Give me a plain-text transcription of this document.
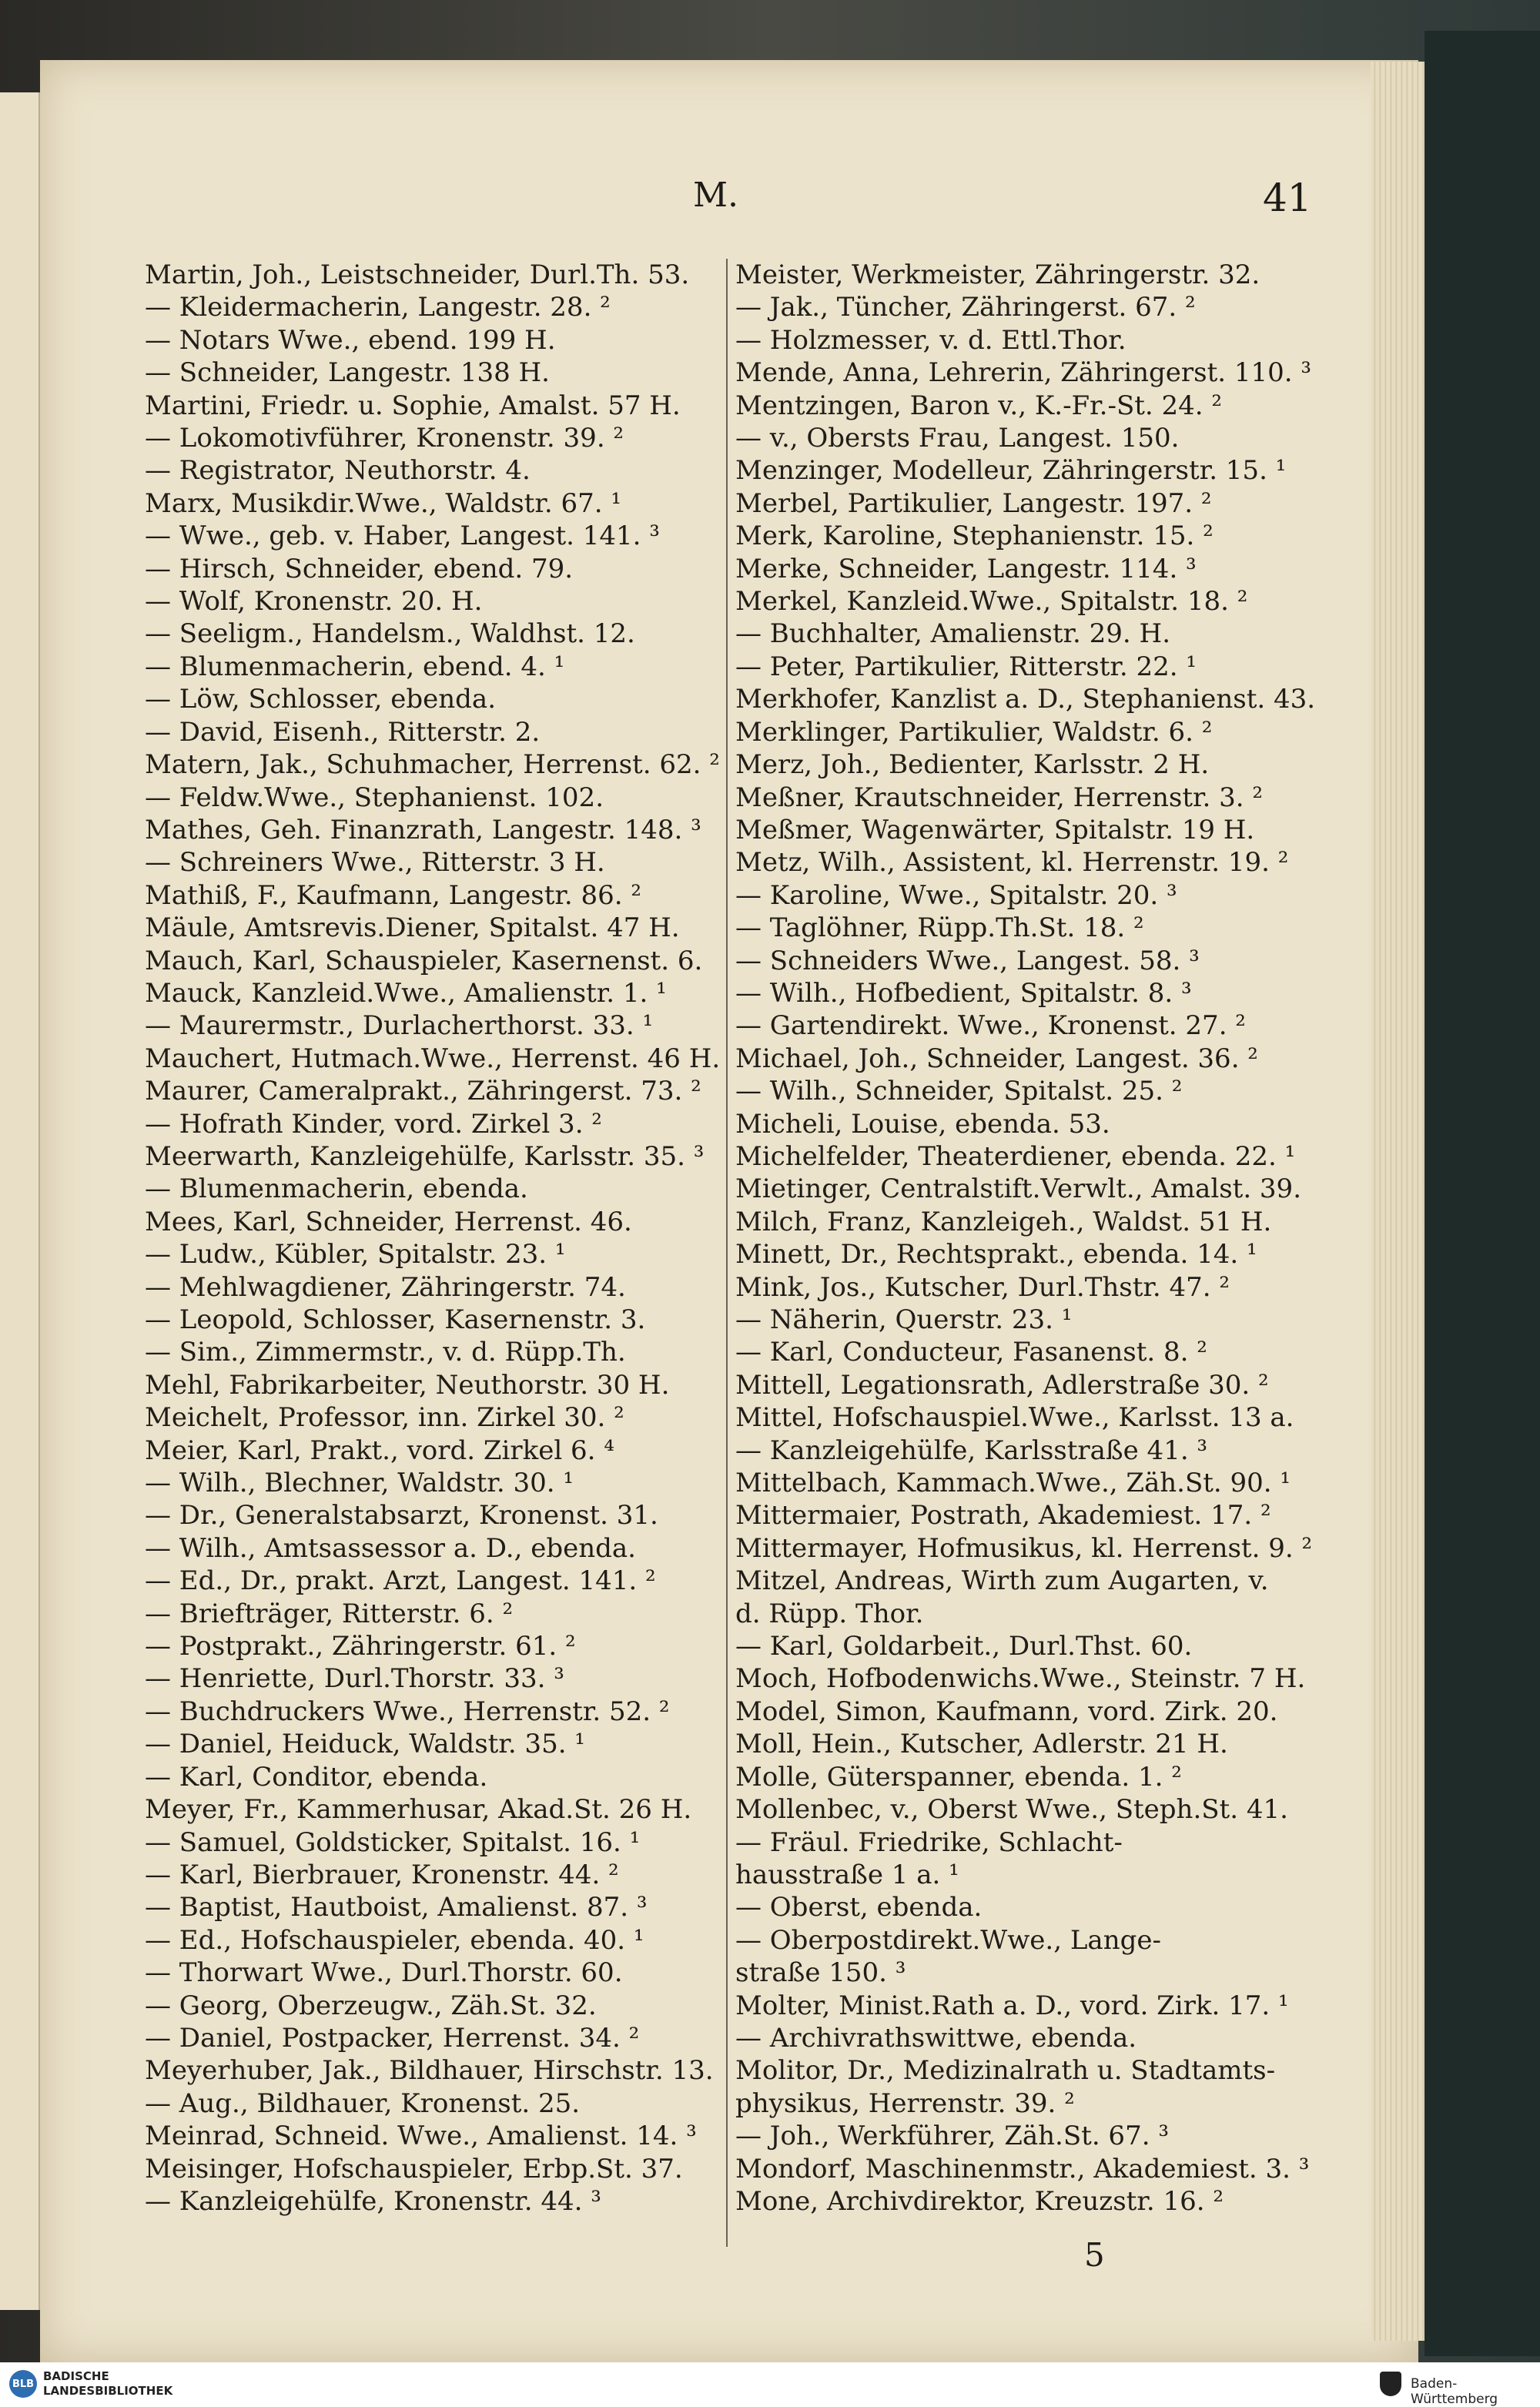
M.	41
Martin, Joh., Leistschneider, Durl.Th. 53.
— Kleidermacherin, Langestr. 28. ²
— Notars Wwe., ebend. 199 H.
— Schneider, Langestr. 138 H.
Martini, Friedr. u. Sophie, Amalst. 57 H.
— Lokomotivführer, Kronenstr. 39. ²
— Registrator, Neuthorstr. 4.
Marx, Musikdir.Wwe., Waldstr. 67. ¹
— Wwe., geb. v. Haber, Langest. 141. ³
— Hirsch, Schneider, ebend. 79.
— Wolf, Kronenstr. 20. H.
— Seeligm., Handelsm., Waldhst. 12.
— Blumenmacherin, ebend. 4. ¹
— Löw, Schlosser, ebenda.
— David, Eisenh., Ritterstr. 2.
Matern, Jak., Schuhmacher, Herrenst. 62. ²
— Feldw.Wwe., Stephanienst. 102.
Mathes, Geh. Finanzrath, Langestr. 148. ³
— Schreiners Wwe., Ritterstr. 3 H.
Mathiß, F., Kaufmann, Langestr. 86. ²
Mäule, Amtsrevis.Diener, Spitalst. 47 H.
Mauch, Karl, Schauspieler, Kasernenst. 6.
Mauck, Kanzleid.Wwe., Amalienstr. 1. ¹
— Maurermstr., Durlacherthorst. 33. ¹
Mauchert, Hutmach.Wwe., Herrenst. 46 H.
Maurer, Cameralprakt., Zähringerst. 73. ²
— Hofrath Kinder, vord. Zirkel 3. ²
Meerwarth, Kanzleigehülfe, Karlsstr. 35. ³
— Blumenmacherin, ebenda.
Mees, Karl, Schneider, Herrenst. 46.
— Ludw., Kübler, Spitalstr. 23. ¹
— Mehlwagdiener, Zähringerstr. 74.
— Leopold, Schlosser, Kasernenstr. 3.
— Sim., Zimmermstr., v. d. Rüpp.Th.
Mehl, Fabrikarbeiter, Neuthorstr. 30 H.
Meichelt, Professor, inn. Zirkel 30. ²
Meier, Karl, Prakt., vord. Zirkel 6. ⁴
— Wilh., Blechner, Waldstr. 30. ¹
— Dr., Generalstabsarzt, Kronenst. 31.
— Wilh., Amtsassessor a. D., ebenda.
— Ed., Dr., prakt. Arzt, Langest. 141. ²
— Briefträger, Ritterstr. 6. ²
— Postprakt., Zähringerstr. 61. ²
— Henriette, Durl.Thorstr. 33. ³
— Buchdruckers Wwe., Herrenstr. 52. ²
— Daniel, Heiduck, Waldstr. 35. ¹
— Karl, Conditor, ebenda.
Meyer, Fr., Kammerhusar, Akad.St. 26 H.
— Samuel, Goldsticker, Spitalst. 16. ¹
— Karl, Bierbrauer, Kronenstr. 44. ²
— Baptist, Hautboist, Amalienst. 87. ³
— Ed., Hofschauspieler, ebenda. 40. ¹
— Thorwart Wwe., Durl.Thorstr. 60.
— Georg, Oberzeugw., Zäh.St. 32.
— Daniel, Postpacker, Herrenst. 34. ²
Meyerhuber, Jak., Bildhauer, Hirschstr. 13.
— Aug., Bildhauer, Kronenst. 25.
Meinrad, Schneid. Wwe., Amalienst. 14. ³
Meisinger, Hofschauspieler, Erbp.St. 37.
— Kanzleigehülfe, Kronenstr. 44. ³
Meister, Werkmeister, Zähringerstr. 32.
— Jak., Tüncher, Zähringerst. 67. ²
— Holzmesser, v. d. Ettl.Thor.
Mende, Anna, Lehrerin, Zähringerst. 110. ³
Mentzingen, Baron v., K.-Fr.-St. 24. ²
— v., Obersts Frau, Langest. 150.
Menzinger, Modelleur, Zähringerstr. 15. ¹
Merbel, Partikulier, Langestr. 197. ²
Merk, Karoline, Stephanienstr. 15. ²
Merke, Schneider, Langestr. 114. ³
Merkel, Kanzleid.Wwe., Spitalstr. 18. ²
— Buchhalter, Amalienstr. 29. H.
— Peter, Partikulier, Ritterstr. 22. ¹
Merkhofer, Kanzlist a. D., Stephanienst. 43.
Merklinger, Partikulier, Waldstr. 6. ²
Merz, Joh., Bedienter, Karlsstr. 2 H.
Meßner, Krautschneider, Herrenstr. 3. ²
Meßmer, Wagenwärter, Spitalstr. 19 H.
Metz, Wilh., Assistent, kl. Herrenstr. 19. ²
— Karoline, Wwe., Spitalstr. 20. ³
— Taglöhner, Rüpp.Th.St. 18. ²
— Schneiders Wwe., Langest. 58. ³
— Wilh., Hofbedient, Spitalstr. 8. ³
— Gartendirekt. Wwe., Kronenst. 27. ²
Michael, Joh., Schneider, Langest. 36. ²
— Wilh., Schneider, Spitalst. 25. ²
Micheli, Louise, ebenda. 53.
Michelfelder, Theaterdiener, ebenda. 22. ¹
Mietinger, Centralstift.Verwlt., Amalst. 39.
Milch, Franz, Kanzleigeh., Waldst. 51 H.
Minett, Dr., Rechtsprakt., ebenda. 14. ¹
Mink, Jos., Kutscher, Durl.Thstr. 47. ²
— Näherin, Querstr. 23. ¹
— Karl, Conducteur, Fasanenst. 8. ²
Mittell, Legationsrath, Adlerstraße 30. ²
Mittel, Hofschauspiel.Wwe., Karlsst. 13 a.
— Kanzleigehülfe, Karlsstraße 41. ³
Mittelbach, Kammach.Wwe., Zäh.St. 90. ¹
Mittermaier, Postrath, Akademiest. 17. ²
Mittermayer, Hofmusikus, kl. Herrenst. 9. ²
Mitzel, Andreas, Wirth zum Augarten, v.
d. Rüpp. Thor.
— Karl, Goldarbeit., Durl.Thst. 60.
Moch, Hofbodenwichs.Wwe., Steinstr. 7 H.
Model, Simon, Kaufmann, vord. Zirk. 20.
Moll, Hein., Kutscher, Adlerstr. 21 H.
Molle, Güterspanner, ebenda. 1. ²
Mollenbec, v., Oberst Wwe., Steph.St. 41.
— Fräul. Friedrike, Schlacht-
hausstraße 1 a. ¹
— Oberst, ebenda.
— Oberpostdirekt.Wwe., Lange-
straße 150. ³
Molter, Minist.Rath a. D., vord. Zirk. 17. ¹
— Archivrathswittwe, ebenda.
Molitor, Dr., Medizinalrath u. Stadtamts-
physikus, Herrenstr. 39. ²
— Joh., Werkführer, Zäh.St. 67. ³
Mondorf, Maschinenmstr., Akademiest. 3. ³
Mone, Archivdirektor, Kreuzstr. 16. ²
5
BLB
BADISCHE
LANDESBIBLIOTHEK	Baden-Württemberg
